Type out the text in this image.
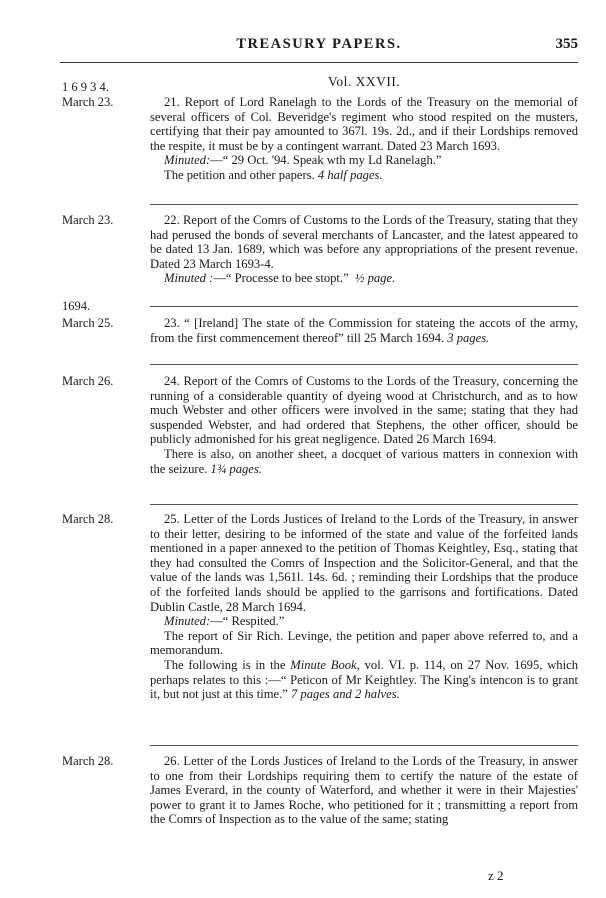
TREASURY PAPERS.	355
Vol. XXVII.
1 6 9 3 4.
March 23.
March 23.
1694.
March 25.
March 26.
March 28.
March 28.

21. Report of Lord Ranelagh to the Lords of the Treasury on the memorial of several officers of Col. Beveridge's regiment who stood respited on the musters, certifying that their pay amounted to 367l. 19s. 2d., and if their Lordships removed the respite, it must be by a contingent warrant. Dated 23 March 1693.

Minuted:—“ 29 Oct. '94. Speak wth my Ld Ranelagh.”

The petition and other papers. 4 half pages.

22. Report of the Comrs of Customs to the Lords of the Treasury, stating that they had perused the bonds of several merchants of Lancaster, and the latest appeared to be dated 13 Jan. 1689, which was before any appropriations of the present revenue. Dated 23 March 1693-4.

Minuted :—“ Processe to bee stopt.” ½ page.

23. “ [Ireland] The state of the Commission for stateing the accots of the army, from the first commencement thereof” till 25 March 1694. 3 pages.

24. Report of the Comrs of Customs to the Lords of the Treasury, concerning the running of a considerable quantity of dyeing wood at Christchurch, and as to how much Webster and other officers were involved in the same; stating that they had suspended Webster, and had ordered that Stephens, the other officer, should be publicly admonished for his great negligence. Dated 26 March 1694.

There is also, on another sheet, a docquet of various matters in connexion with the seizure. 1¾ pages.

25. Letter of the Lords Justices of Ireland to the Lords of the Treasury, in answer to their letter, desiring to be informed of the state and value of the forfeited lands mentioned in a paper annexed to the petition of Thomas Keightley, Esq., stating that they had consulted the Comrs of Inspection and the Solicitor-General, and that the value of the lands was 1,561l. 14s. 6d. ; reminding their Lordships that the produce of the forfeited lands should be applied to the garrisons and fortifications. Dated Dublin Castle, 28 March 1694.

Minuted:—“ Respited.”

The report of Sir Rich. Levinge, the petition and paper above referred to, and a memorandum.

The following is in the Minute Book, vol. VI. p. 114, on 27 Nov. 1695, which perhaps relates to this :—“ Peticon of Mr Keightley. The King's intencon is to grant it, but not just at this time.” 7 pages and 2 halves.

26. Letter of the Lords Justices of Ireland to the Lords of the Treasury, in answer to one from their Lordships requiring them to certify the nature of the estate of James Everard, in the county of Waterford, and whether it were in their Majesties' power to grant it to James Roche, who petitioned for it ; transmitting a report from the Comrs of Inspection as to the value of the same; stating

z 2
